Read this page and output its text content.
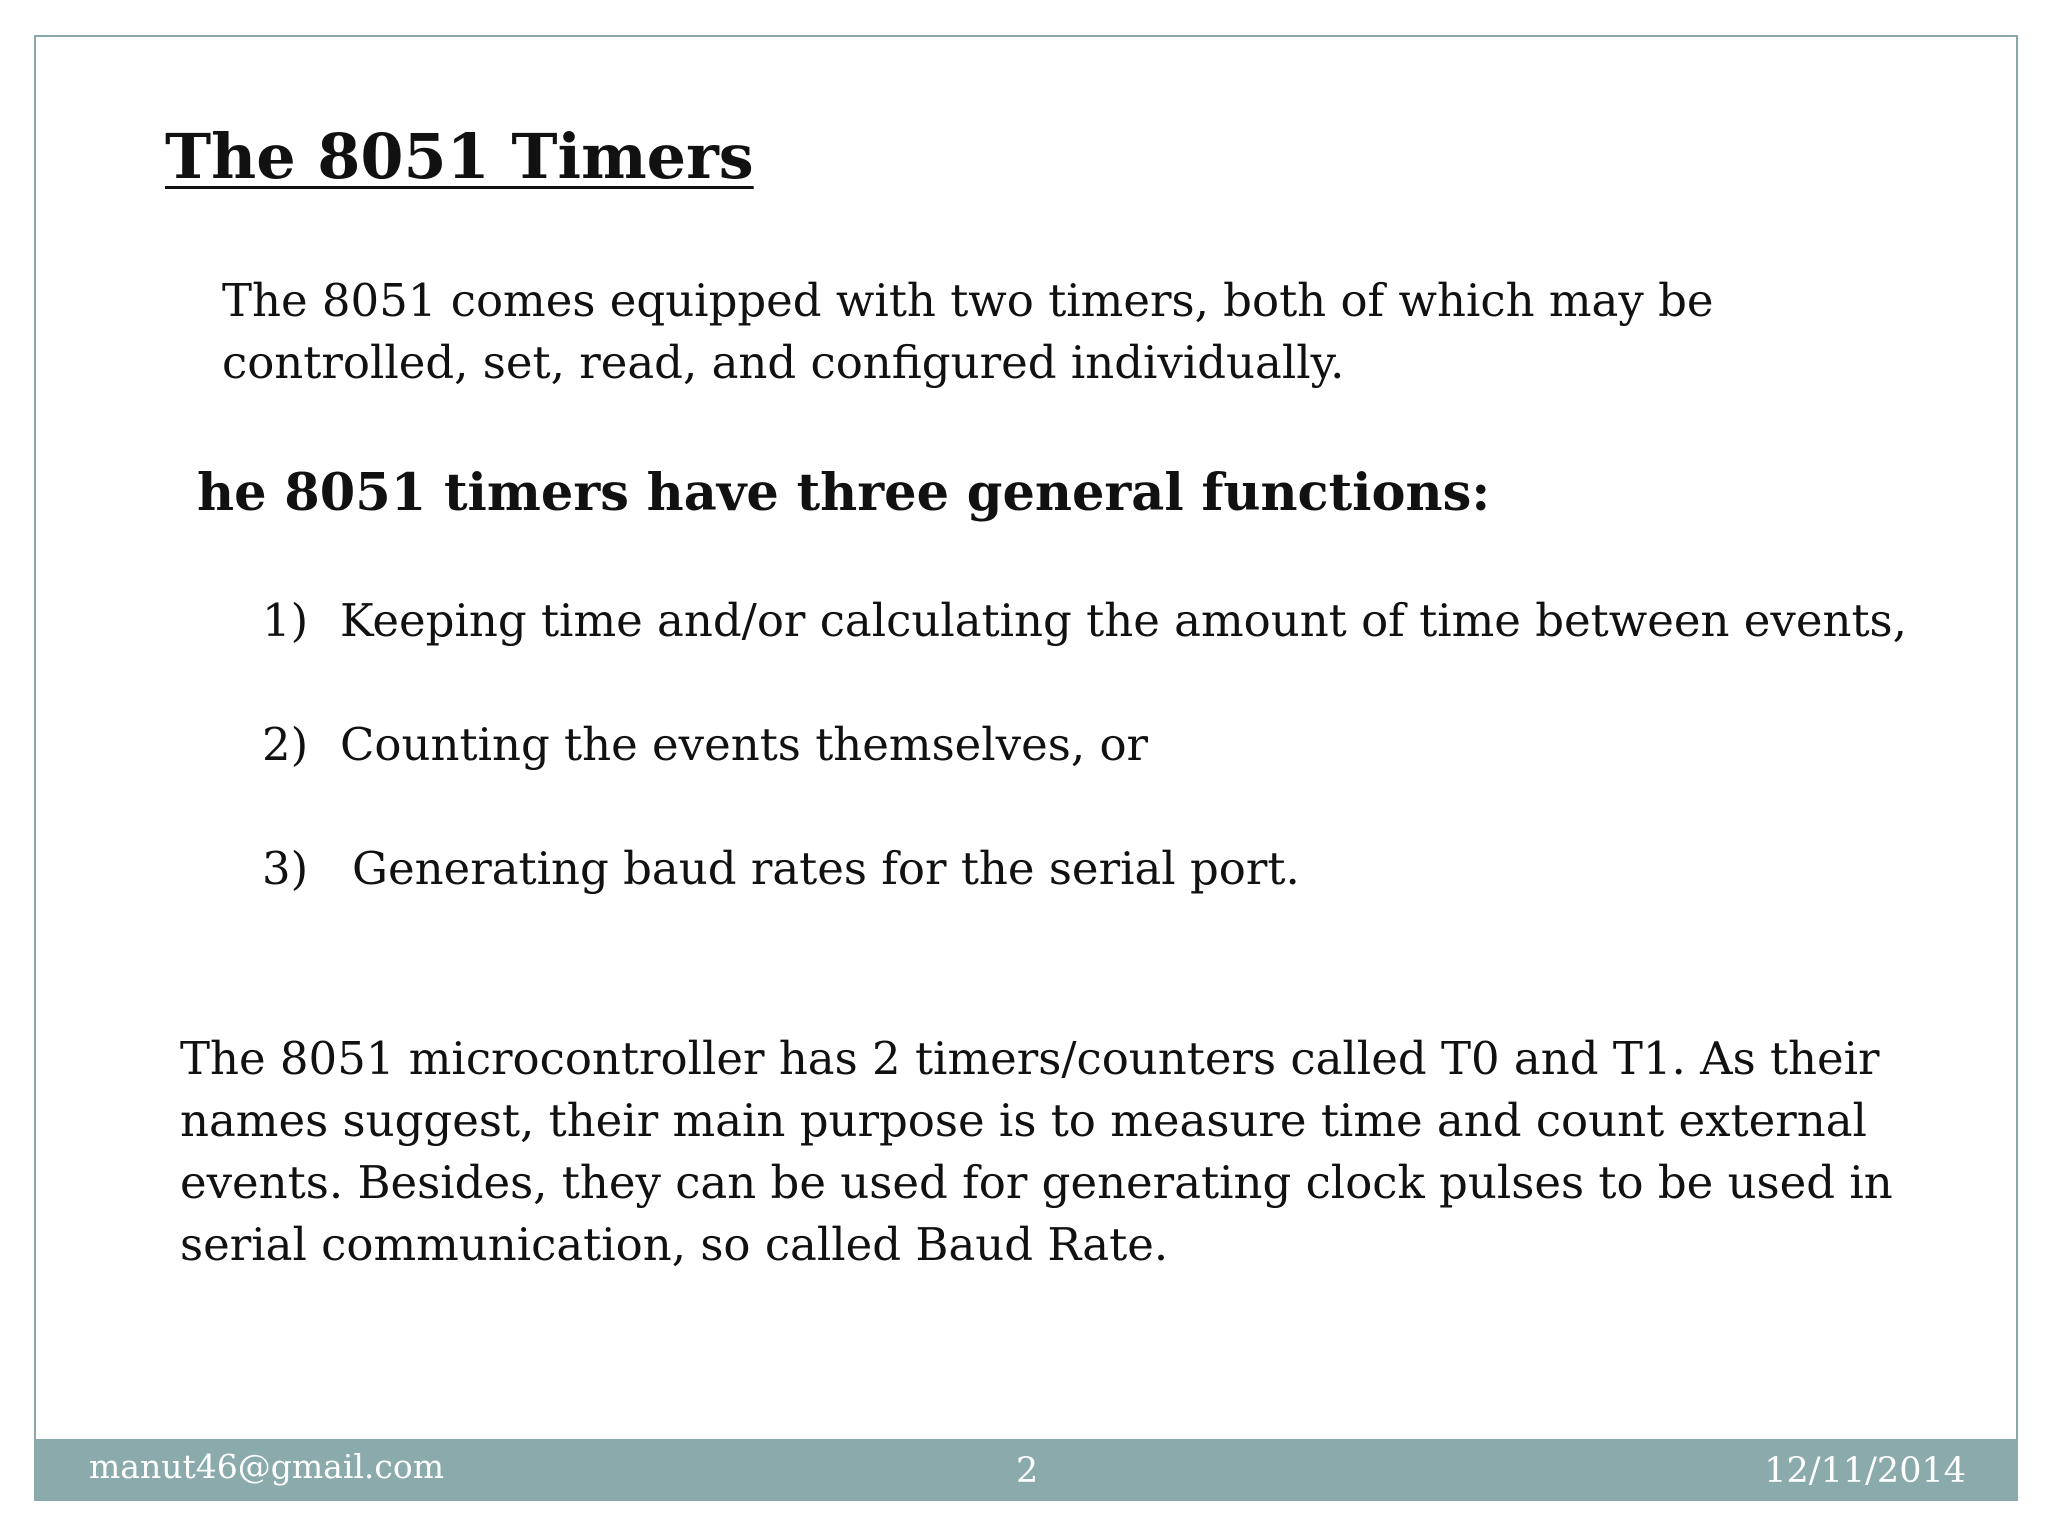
The 8051 Timers

The 8051 comes equipped with two timers, both of which may be controlled, set, read, and configured individually.

he 8051 timers have three general functions:
1) Keeping time and/or calculating the amount of time between events,
2) Counting the events themselves, or
3) Generating baud rates for the serial port.

The 8051 microcontroller has 2 timers/counters called T0 and T1. As their names suggest, their main purpose is to measure time and count external events. Besides, they can be used for generating clock pulses to be used in serial communication, so called Baud Rate.

manut46@gmail.com	2	12/11/2014
